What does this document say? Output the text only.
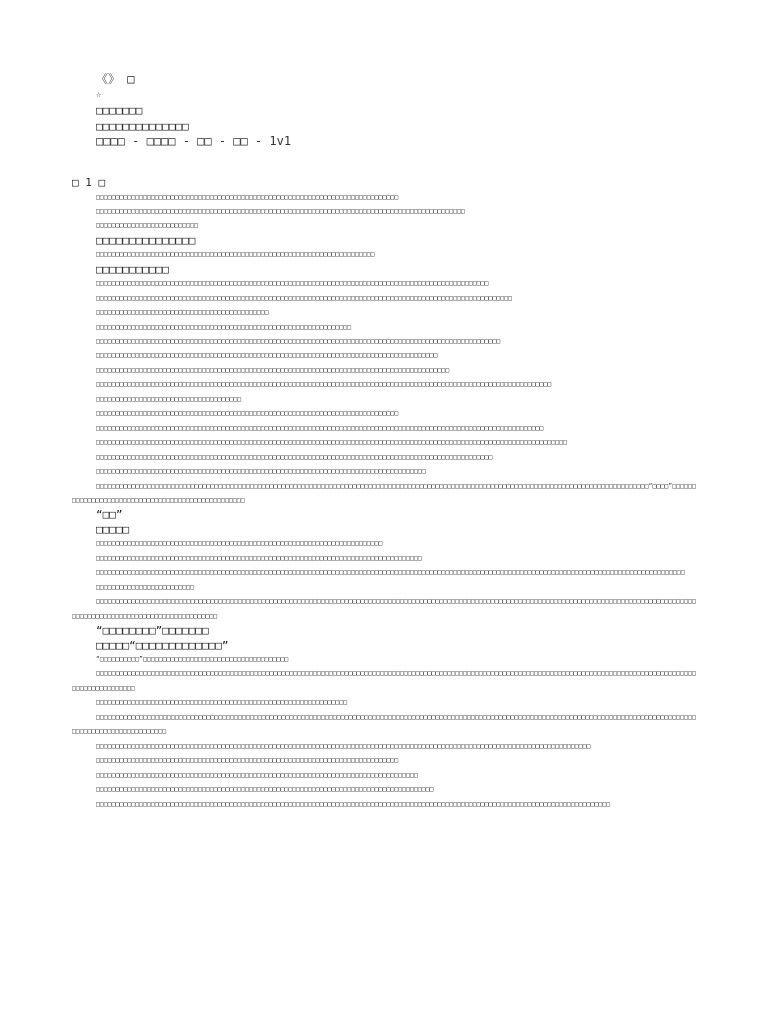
《》 □
☆
□□□□□□□
□□□□□□□□□□□□□□
□□□□ - □□□□ - □□ - □□ - 1v1
□ 1 □

□□□□□□□□□□□□□□□□□□□□□□□□□□□□□□□□□□□□□□□□□□□□□□□□□□□□□□□□□□□□□□□□□□□□□□□□□□□□□

□□□□□□□□□□□□□□□□□□□□□□□□□□□□□□□□□□□□□□□□□□□□□□□□□□□□□□□□□□□□□□□□□□□□□□□□□□□□□□□□□□□□□□□□□□□□□□

□□□□□□□□□□□□□□□□□□□□□□□□□□

□□□□□□□□□□□□□□□

□□□□□□□□□□□□□□□□□□□□□□□□□□□□□□□□□□□□□□□□□□□□□□□□□□□□□□□□□□□□□□□□□□□□□□□

□□□□□□□□□□□

□□□□□□□□□□□□□□□□□□□□□□□□□□□□□□□□□□□□□□□□□□□□□□□□□□□□□□□□□□□□□□□□□□□□□□□□□□□□□□□□□□□□□□□□□□□□□□□□□□□□

□□□□□□□□□□□□□□□□□□□□□□□□□□□□□□□□□□□□□□□□□□□□□□□□□□□□□□□□□□□□□□□□□□□□□□□□□□□□□□□□□□□□□□□□□□□□□□□□□□□□□□□□□□

□□□□□□□□□□□□□□□□□□□□□□□□□□□□□□□□□□□□□□□□□□□□

□□□□□□□□□□□□□□□□□□□□□□□□□□□□□□□□□□□□□□□□□□□□□□□□□□□□□□□□□□□□□□□□□

□□□□□□□□□□□□□□□□□□□□□□□□□□□□□□□□□□□□□□□□□□□□□□□□□□□□□□□□□□□□□□□□□□□□□□□□□□□□□□□□□□□□□□□□□□□□□□□□□□□□□□□

□□□□□□□□□□□□□□□□□□□□□□□□□□□□□□□□□□□□□□□□□□□□□□□□□□□□□□□□□□□□□□□□□□□□□□□□□□□□□□□□□□□□□□□

□□□□□□□□□□□□□□□□□□□□□□□□□□□□□□□□□□□□□□□□□□□□□□□□□□□□□□□□□□□□□□□□□□□□□□□□□□□□□□□□□□□□□□□□□□

□□□□□□□□□□□□□□□□□□□□□□□□□□□□□□□□□□□□□□□□□□□□□□□□□□□□□□□□□□□□□□□□□□□□□□□□□□□□□□□□□□□□□□□□□□□□□□□□□□□□□□□□□□□□□□□□□□□□

□□□□□□□□□□□□□□□□□□□□□□□□□□□□□□□□□□□□□

□□□□□□□□□□□□□□□□□□□□□□□□□□□□□□□□□□□□□□□□□□□□□□□□□□□□□□□□□□□□□□□□□□□□□□□□□□□□□

□□□□□□□□□□□□□□□□□□□□□□□□□□□□□□□□□□□□□□□□□□□□□□□□□□□□□□□□□□□□□□□□□□□□□□□□□□□□□□□□□□□□□□□□□□□□□□□□□□□□□□□□□□□□□□□□□□

□□□□□□□□□□□□□□□□□□□□□□□□□□□□□□□□□□□□□□□□□□□□□□□□□□□□□□□□□□□□□□□□□□□□□□□□□□□□□□□□□□□□□□□□□□□□□□□□□□□□□□□□□□□□□□□□□□□□□□□□

□□□□□□□□□□□□□□□□□□□□□□□□□□□□□□□□□□□□□□□□□□□□□□□□□□□□□□□□□□□□□□□□□□□□□□□□□□□□□□□□□□□□□□□□□□□□□□□□□□□□□

□□□□□□□□□□□□□□□□□□□□□□□□□□□□□□□□□□□□□□□□□□□□□□□□□□□□□□□□□□□□□□□□□□□□□□□□□□□□□□□□□□□□

□□□□□□□□□□□□□□□□□□□□□□□□□□□□□□□□□□□□□□□□□□□□□□□□□□□□□□□□□□□□□□□□□□□□□□□□□□□□□□□□□□□□□□□□□□□□□□□□□□□□□□□□□□□□□□□□□□□□□□□□□□□□□□□□□□□□□□□□□□□□“□□□□”□□□□□□□□□□□□□□□□□□□□□□□□□□□□□□□□□□□□□□□□□□□□□□□□□□

“□□”

□□□□□

□□□□□□□□□□□□□□□□□□□□□□□□□□□□□□□□□□□□□□□□□□□□□□□□□□□□□□□□□□□□□□□□□□□□□□□□□

□□□□□□□□□□□□□□□□□□□□□□□□□□□□□□□□□□□□□□□□□□□□□□□□□□□□□□□□□□□□□□□□□□□□□□□□□□□□□□□□□□□

□□□□□□□□□□□□□□□□□□□□□□□□□□□□□□□□□□□□□□□□□□□□□□□□□□□□□□□□□□□□□□□□□□□□□□□□□□□□□□□□□□□□□□□□□□□□□□□□□□□□□□□□□□□□□□□□□□□□□□□□□□□□□□□□□□□□□□□□□□□□□□□□□□□□□□

□□□□□□□□□□□□□□□□□□□□□□□□□

□□□□□□□□□□□□□□□□□□□□□□□□□□□□□□□□□□□□□□□□□□□□□□□□□□□□□□□□□□□□□□□□□□□□□□□□□□□□□□□□□□□□□□□□□□□□□□□□□□□□□□□□□□□□□□□□□□□□□□□□□□□□□□□□□□□□□□□□□□□□□□□□□□□□□□□□□□□□□□□□□□□□□□□□□□□□□□□□□□□□□□□□□□□□□

“□□□□□□□□”□□□□□□□

□□□□□“□□□□□□□□□□□□□”

“□□□□□□□□□□”□□□□□□□□□□□□□□□□□□□□□□□□□□□□□□□□□□□□□

□□□□□□□□□□□□□□□□□□□□□□□□□□□□□□□□□□□□□□□□□□□□□□□□□□□□□□□□□□□□□□□□□□□□□□□□□□□□□□□□□□□□□□□□□□□□□□□□□□□□□□□□□□□□□□□□□□□□□□□□□□□□□□□□□□□□□□□□□□□□□□□□□□□□□□□□□□□□□□□□□□□□□□□□

□□□□□□□□□□□□□□□□□□□□□□□□□□□□□□□□□□□□□□□□□□□□□□□□□□□□□□□□□□□□□□□□

□□□□□□□□□□□□□□□□□□□□□□□□□□□□□□□□□□□□□□□□□□□□□□□□□□□□□□□□□□□□□□□□□□□□□□□□□□□□□□□□□□□□□□□□□□□□□□□□□□□□□□□□□□□□□□□□□□□□□□□□□□□□□□□□□□□□□□□□□□□□□□□□□□□□□□□□□□□□□□□□□□□□□□□□□□□□□□□□

□□□□□□□□□□□□□□□□□□□□□□□□□□□□□□□□□□□□□□□□□□□□□□□□□□□□□□□□□□□□□□□□□□□□□□□□□□□□□□□□□□□□□□□□□□□□□□□□□□□□□□□□□□□□□□□□□□□□□□□□□□□□□□

□□□□□□□□□□□□□□□□□□□□□□□□□□□□□□□□□□□□□□□□□□□□□□□□□□□□□□□□□□□□□□□□□□□□□□□□□□□□□

□□□□□□□□□□□□□□□□□□□□□□□□□□□□□□□□□□□□□□□□□□□□□□□□□□□□□□□□□□□□□□□□□□□□□□□□□□□□□□□□□□

□□□□□□□□□□□□□□□□□□□□□□□□□□□□□□□□□□□□□□□□□□□□□□□□□□□□□□□□□□□□□□□□□□□□□□□□□□□□□□□□□□□□□□

□□□□□□□□□□□□□□□□□□□□□□□□□□□□□□□□□□□□□□□□□□□□□□□□□□□□□□□□□□□□□□□□□□□□□□□□□□□□□□□□□□□□□□□□□□□□□□□□□□□□□□□□□□□□□□□□□□□□□□□□□□□□□□□□□□□
